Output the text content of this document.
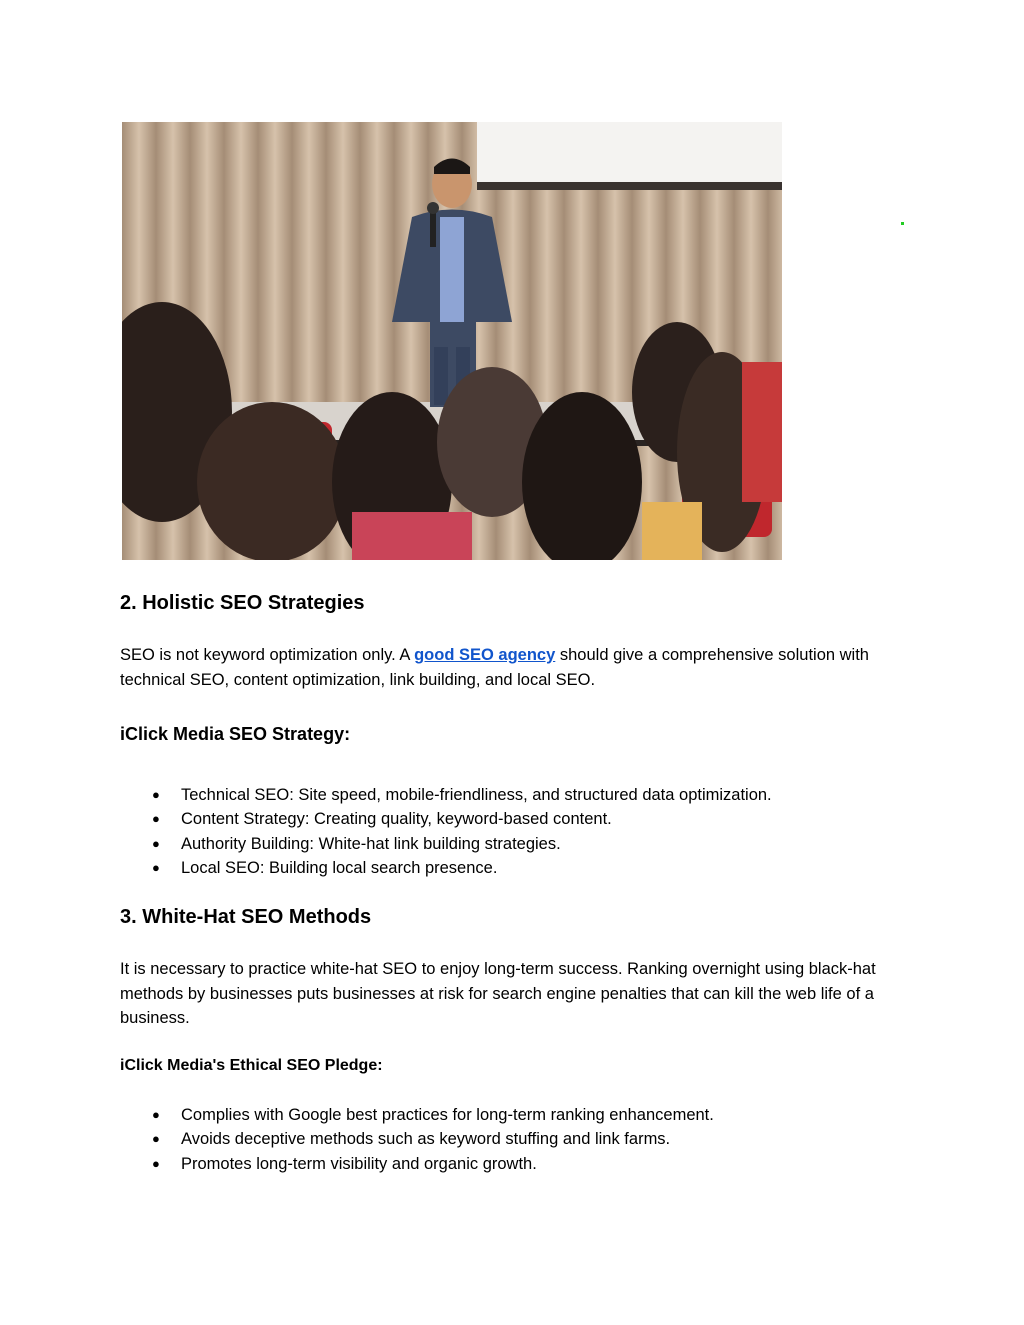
2. Holistic SEO Strategies

SEO is not keyword optimization only. A good SEO agency should give a comprehensive solution with technical SEO, content optimization, link building, and local SEO.

iClick Media SEO Strategy:
● Technical SEO: Site speed, mobile-friendliness, and structured data optimization.
● Content Strategy: Creating quality, keyword-based content.
● Authority Building: White-hat link building strategies.
● Local SEO: Building local search presence.
3. White-Hat SEO Methods

It is necessary to practice white-hat SEO to enjoy long-term success. Ranking overnight using black-hat methods by businesses puts businesses at risk for search engine penalties that can kill the web life of a business.

iClick Media's Ethical SEO Pledge:
● Complies with Google best practices for long-term ranking enhancement.
● Avoids deceptive methods such as keyword stuffing and link farms.
● Promotes long-term visibility and organic growth.
